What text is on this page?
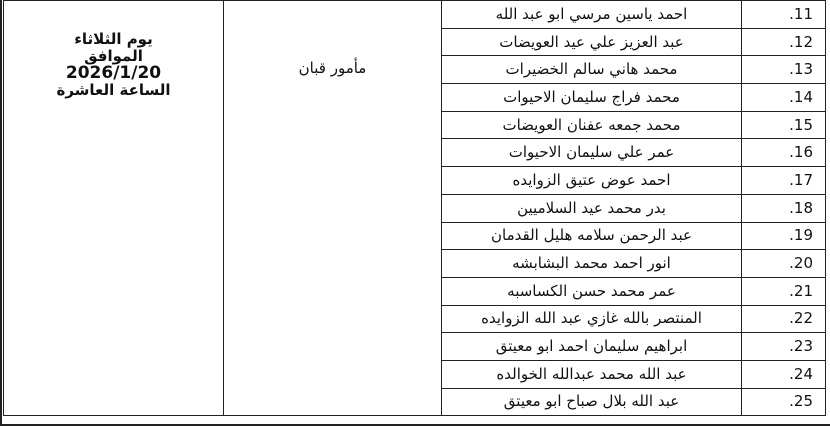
11.	احمد ياسين مرسي ابو عبد الله	مأمور قبان	يوم الثلاثاء
الموافق
2026/1/20
الساعة العاشرة

12.	عبد العزيز علي عيد العويضات		
13.	محمد هاني سالم الخضيرات		
14.	محمد فراج سليمان الاحيوات		
15.	محمد جمعه عفنان العويضات		
16.	عمر علي سليمان الاحيوات		
17.	احمد عوض عتيق الزوايده		
18.	بدر محمد عيد السلاميين		
19.	عبد الرحمن سلامه هليل القدمان		
20.	انور احمد محمد البشابشه		
21.	عمر محمد حسن الكساسبه		
22.	المنتصر بالله غازي عبد الله الزوايده		
23.	ابراهيم سليمان احمد ابو معيتق		
24.	عبد الله محمد عبدالله الخوالده		
25.	عبد الله بلال صباح ابو معيتق		
